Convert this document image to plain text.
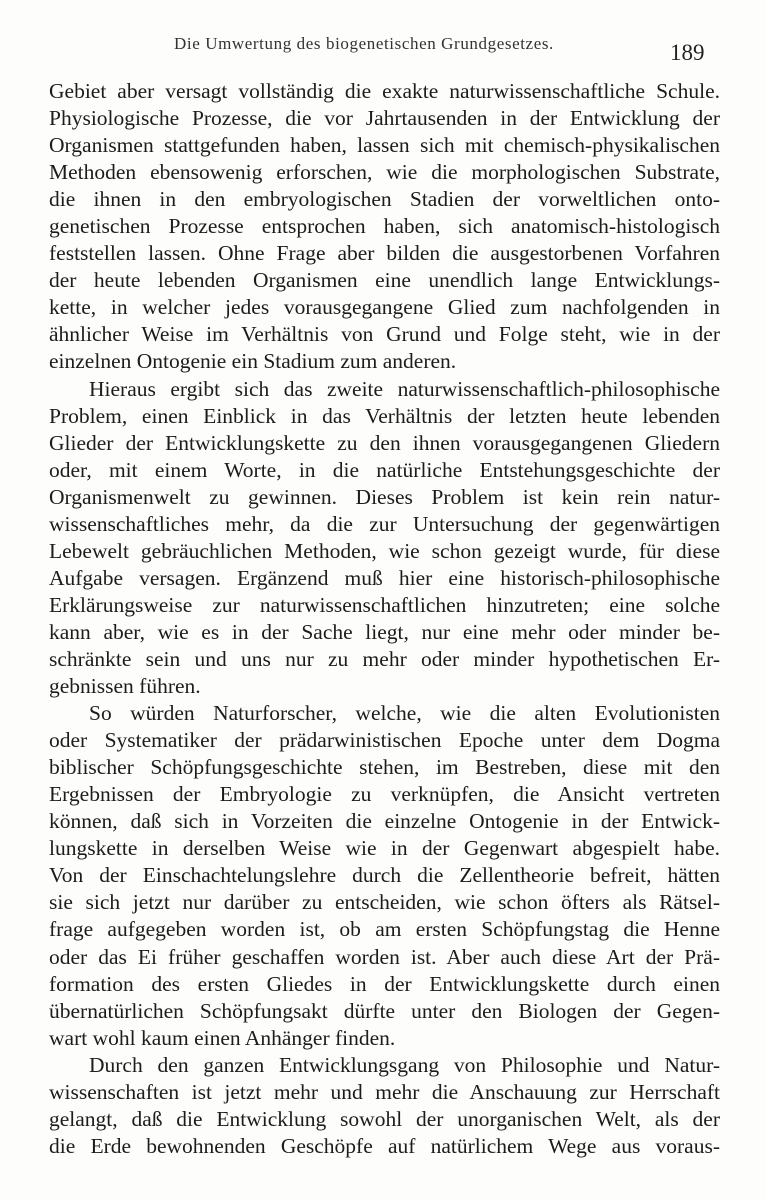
Die Umwertung des biogenetischen Grundgesetzes.	189
Gebiet aber versagt vollständig die exakte naturwissenschaftliche Schule.
Physiologische Prozesse, die vor Jahrtausenden in der Entwicklung der
Organismen stattgefunden haben, lassen sich mit chemisch-physikalischen
Methoden ebensowenig erforschen, wie die morphologischen Substrate,
die ihnen in den embryologischen Stadien der vorweltlichen onto-
genetischen Prozesse entsprochen haben, sich anatomisch-histologisch
feststellen lassen. Ohne Frage aber bilden die ausgestorbenen Vorfahren
der heute lebenden Organismen eine unendlich lange Entwicklungs-
kette, in welcher jedes vorausgegangene Glied zum nachfolgenden in
ähnlicher Weise im Verhältnis von Grund und Folge steht, wie in der
einzelnen Ontogenie ein Stadium zum anderen.
Hieraus ergibt sich das zweite naturwissenschaftlich-philosophische
Problem, einen Einblick in das Verhältnis der letzten heute lebenden
Glieder der Entwicklungskette zu den ihnen vorausgegangenen Gliedern
oder, mit einem Worte, in die natürliche Entstehungsgeschichte der
Organismenwelt zu gewinnen. Dieses Problem ist kein rein natur-
wissenschaftliches mehr, da die zur Untersuchung der gegenwärtigen
Lebewelt gebräuchlichen Methoden, wie schon gezeigt wurde, für diese
Aufgabe versagen. Ergänzend muß hier eine historisch-philosophische
Erklärungsweise zur naturwissenschaftlichen hinzutreten; eine solche
kann aber, wie es in der Sache liegt, nur eine mehr oder minder be-
schränkte sein und uns nur zu mehr oder minder hypothetischen Er-
gebnissen führen.
So würden Naturforscher, welche, wie die alten Evolutionisten
oder Systematiker der prädarwinistischen Epoche unter dem Dogma
biblischer Schöpfungsgeschichte stehen, im Bestreben, diese mit den
Ergebnissen der Embryologie zu verknüpfen, die Ansicht vertreten
können, daß sich in Vorzeiten die einzelne Ontogenie in der Entwick-
lungskette in derselben Weise wie in der Gegenwart abgespielt habe.
Von der Einschachtelungslehre durch die Zellentheorie befreit, hätten
sie sich jetzt nur darüber zu entscheiden, wie schon öfters als Rätsel-
frage aufgegeben worden ist, ob am ersten Schöpfungstag die Henne
oder das Ei früher geschaffen worden ist. Aber auch diese Art der Prä-
formation des ersten Gliedes in der Entwicklungskette durch einen
übernatürlichen Schöpfungsakt dürfte unter den Biologen der Gegen-
wart wohl kaum einen Anhänger finden.
Durch den ganzen Entwicklungsgang von Philosophie und Natur-
wissenschaften ist jetzt mehr und mehr die Anschauung zur Herrschaft
gelangt, daß die Entwicklung sowohl der unorganischen Welt, als der
die Erde bewohnenden Geschöpfe auf natürlichem Wege aus voraus-
